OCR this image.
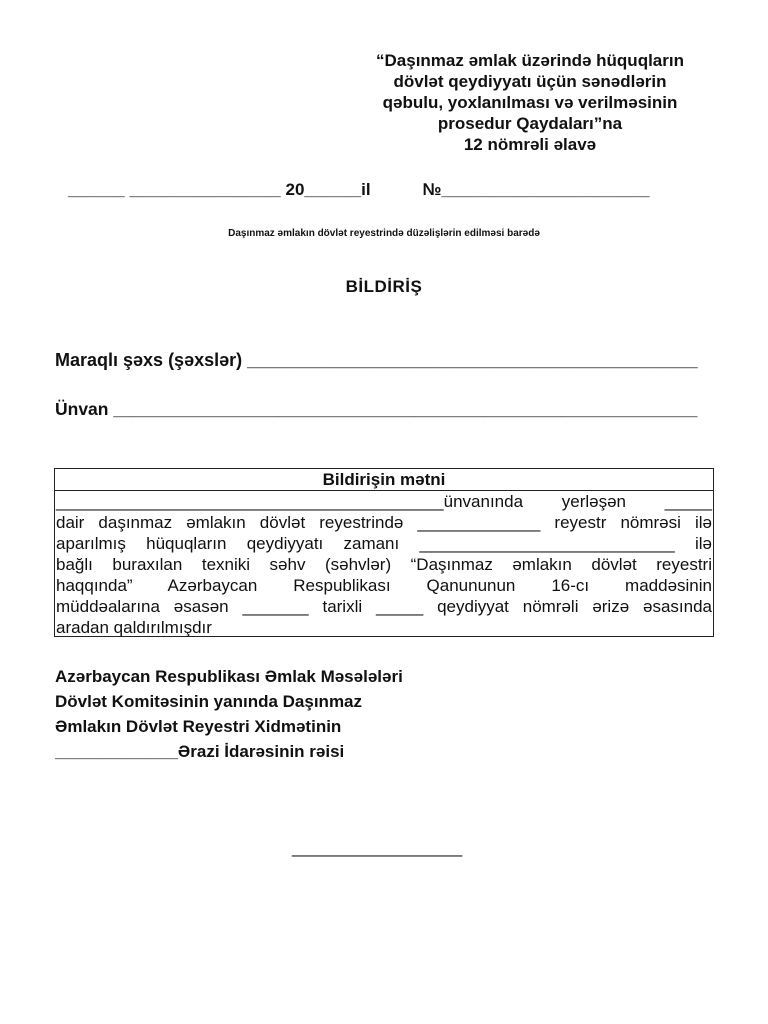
“Daşınmaz əmlak üzərində hüquqların
dövlət qeydiyyatı üçün sənədlərin
qəbulu, yoxlanılması və verilməsinin
prosedur Qaydaları”na
12 nömrəli əlavə
______ ________________ 20______il	№______________________
Daşınmaz əmlakın dövlət reyestrində düzəlişlərin edilməsi barədə
BİLDİRİŞ
Maraqlı şəxs (şəxslər) _____________________________________________
Ünvan ____________________________________________________________
Bildirişin mətni
_________________________________________ünvanında yerləşən _____
dair daşınmaz əmlakın dövlət reyestrində _____________ reyestr nömrəsi ilə
aparılmış hüquqların qeydiyyatı zamanı ___________________________ ilə
bağlı buraxılan texniki səhv (səhvlər) “Daşınmaz əmlakın dövlət reyestri
haqqında” Azərbaycan Respublikası Qanununun 16-cı maddəsinin
müddəalarına əsasən _______ tarixli _____ qeydiyyat nömrəli ərizə əsasında
aradan qaldırılmışdır
Azərbaycan Respublikası Əmlak Məsələləri
Dövlət Komitəsinin yanında Daşınmaz
Əmlakın Dövlət Reyestri Xidmətinin
_____________Ərazi İdarəsinin rəisi
__________________
